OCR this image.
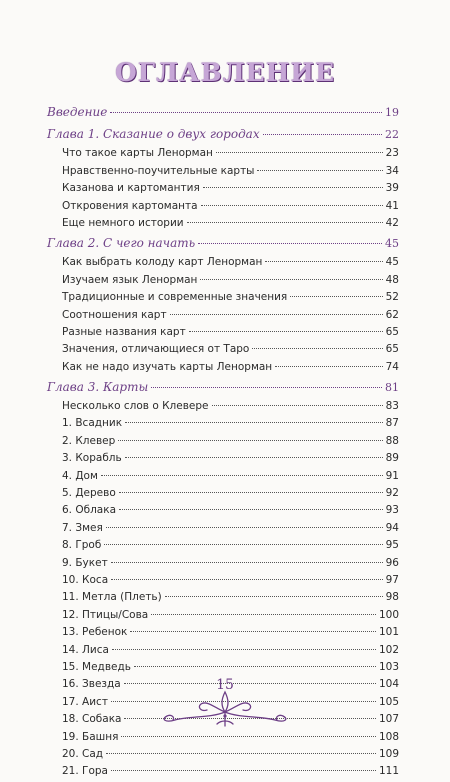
ОГЛАВЛЕНИЕ
Введение	19
Глава 1. Сказание о двух городах	22
Что такое карты Ленорман	23
Нравственно-поучительные карты	34
Казанова и картомантия	39
Откровения картоманта	41
Еще немного истории	42
Глава 2. С чего начать	45
Как выбрать колоду карт Ленорман	45
Изучаем язык Ленорман	48
Традиционные и современные значения	52
Соотношения карт	62
Разные названия карт	65
Значения, отличающиеся от Таро	65
Как не надо изучать карты Ленорман	74
Глава 3. Карты	81
Несколько слов о Клевере	83
1. Всадник	87
2. Клевер	88
3. Корабль	89
4. Дом	91
5. Дерево	92
6. Облака	93
7. Змея	94
8. Гроб	95
9. Букет	96
10. Коса	97
11. Метла (Плеть)	98
12. Птицы/Сова	100
13. Ребенок	101
14. Лиса	102
15. Медведь	103
16. Звезда	104
17. Аист	105
18. Собака	107
19. Башня	108
20. Сад	109
21. Гора	111
15
